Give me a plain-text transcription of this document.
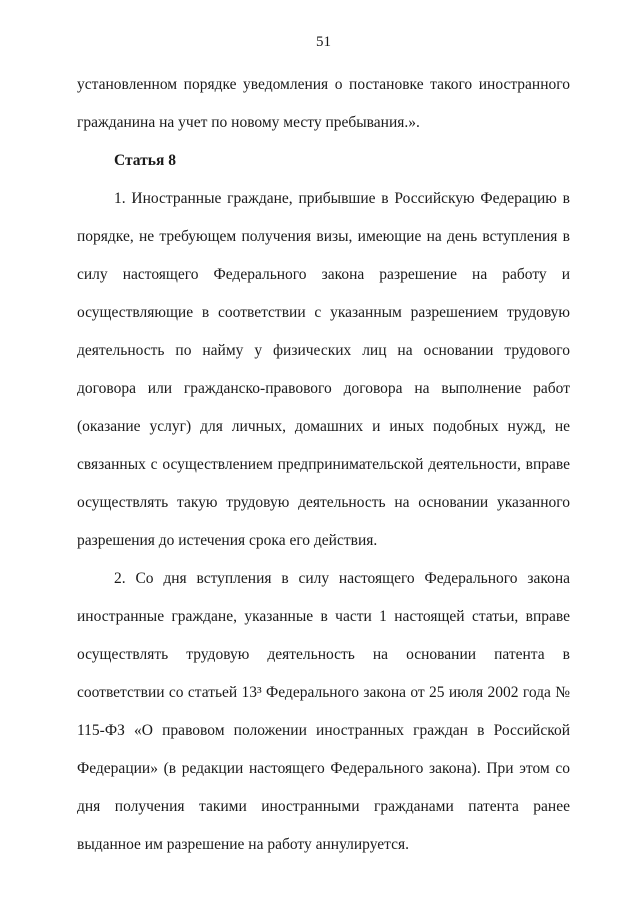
51

установленном порядке уведомления о постановке такого иностранного гражданина на учет по новому месту пребывания.».

Статья 8

1. Иностранные граждане, прибывшие в Российскую Федерацию в порядке, не требующем получения визы, имеющие на день вступления в силу настоящего Федерального закона разрешение на работу и осуществляющие в соответствии с указанным разрешением трудовую деятельность по найму у физических лиц на основании трудового договора или гражданско-правового договора на выполнение работ (оказание услуг) для личных, домашних и иных подобных нужд, не связанных с осуществлением предпринимательской деятельности, вправе осуществлять такую трудовую деятельность на основании указанного разрешения до истечения срока его действия.

2. Со дня вступления в силу настоящего Федерального закона иностранные граждане, указанные в части 1 настоящей статьи, вправе осуществлять трудовую деятельность на основании патента в соответствии со статьей 13³ Федерального закона от 25 июля 2002 года № 115-ФЗ «О правовом положении иностранных граждан в Российской Федерации» (в редакции настоящего Федерального закона). При этом со дня получения такими иностранными гражданами патента ранее выданное им разрешение на работу аннулируется.
